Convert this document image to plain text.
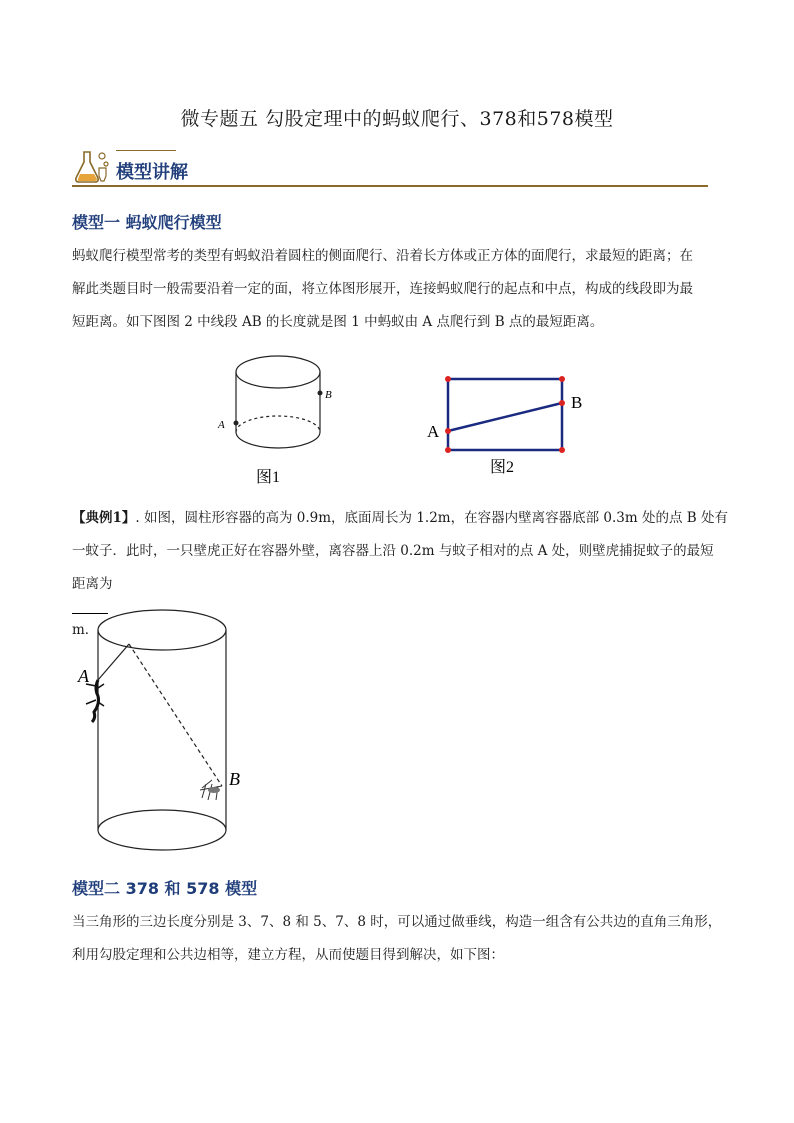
微专题五 勾股定理中的蚂蚁爬行、378和578模型
模型讲解
模型一 蚂蚁爬行模型
蚂蚁爬行模型常考的类型有蚂蚁沿着圆柱的侧面爬行、沿着长方体或正方体的面爬行，求最短的距离；在
解此类题目时一般需要沿着一定的面，将立体图形展开，连接蚂蚁爬行的起点和中点，构成的线段即为最
短距离。如下图图 2 中线段 AB 的长度就是图 1 中蚂蚁由 A 点爬行到 B 点的最短距离。
A
B
图1
A
B
图2
【典例1】. 如图，圆柱形容器的高为 0.9m，底面周长为 1.2m，在容器内壁离容器底部 0.3m 处的点 B 处有
一蚊子．此时，一只壁虎正好在容器外壁，离容器上沿 0.2m 与蚊子相对的点 A 处，则壁虎捕捉蚊子的最短
距离为
m．
A
B
模型二 378 和 578 模型
当三角形的三边长度分别是 3、7、8 和 5、7、8 时，可以通过做垂线，构造一组含有公共边的直角三角形，
利用勾股定理和公共边相等，建立方程，从而使题目得到解决，如下图：
